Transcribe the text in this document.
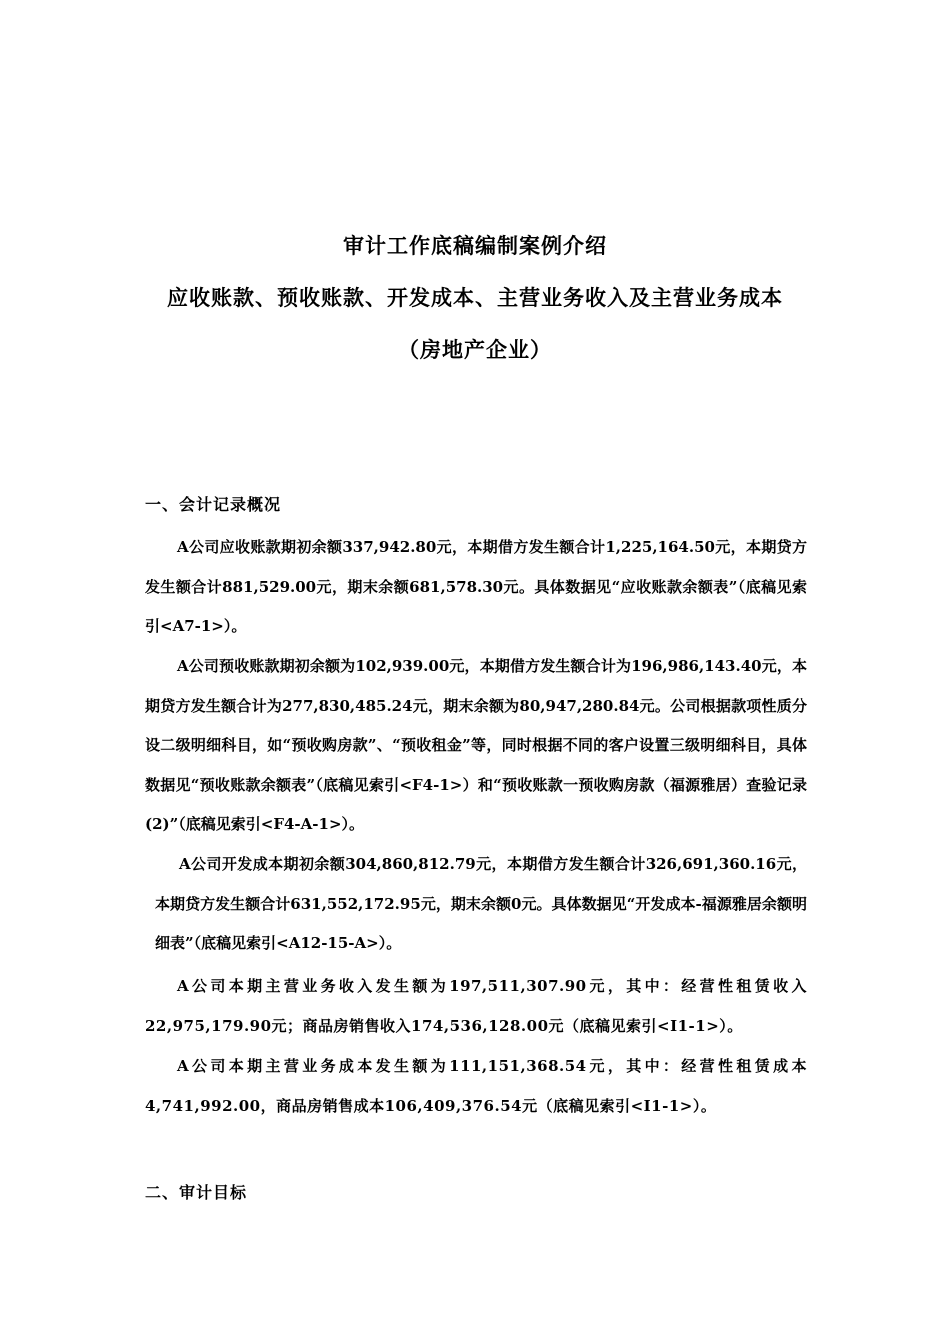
审计工作底稿编制案例介绍
应收账款、预收账款、开发成本、主营业务收入及主营业务成本
（房地产企业）
一、会计记录概况

A公司应收账款期初余额337,942.80元，本期借方发生额合计1,225,164.50元，本期贷方发生额合计881,529.00元，期末余额681,578.30元。具体数据见“应收账款余额表”（底稿见索引<A7-1>）。

A公司预收账款期初余额为102,939.00元，本期借方发生额合计为196,986,143.40元，本期贷方发生额合计为277,830,485.24元，期末余额为80,947,280.84元。公司根据款项性质分设二级明细科目，如“预收购房款”、“预收租金”等，同时根据不同的客户设置三级明细科目，具体数据见“预收账款余额表”（底稿见索引<F4-1>）和“预收账款一预收购房款（福源雅居）查验记录(2)”（底稿见索引<F4-A-1>）。

A公司开发成本期初余额304,860,812.79元，本期借方发生额合计326,691,360.16元，本期贷方发生额合计631,552,172.95元，期末余额0元。具体数据见“开发成本-福源雅居余额明细表”（底稿见索引<A12-15-A>）。

A公司本期主营业务收入发生额为197,511,307.90元，其中：经营性租赁收入22,975,179.90元；商品房销售收入174,536,128.00元（底稿见索引<I1-1>）。

A公司本期主营业务成本发生额为111,151,368.54元，其中：经营性租赁成本4,741,992.00，商品房销售成本106,409,376.54元（底稿见索引<I1-1>）。

二、审计目标
